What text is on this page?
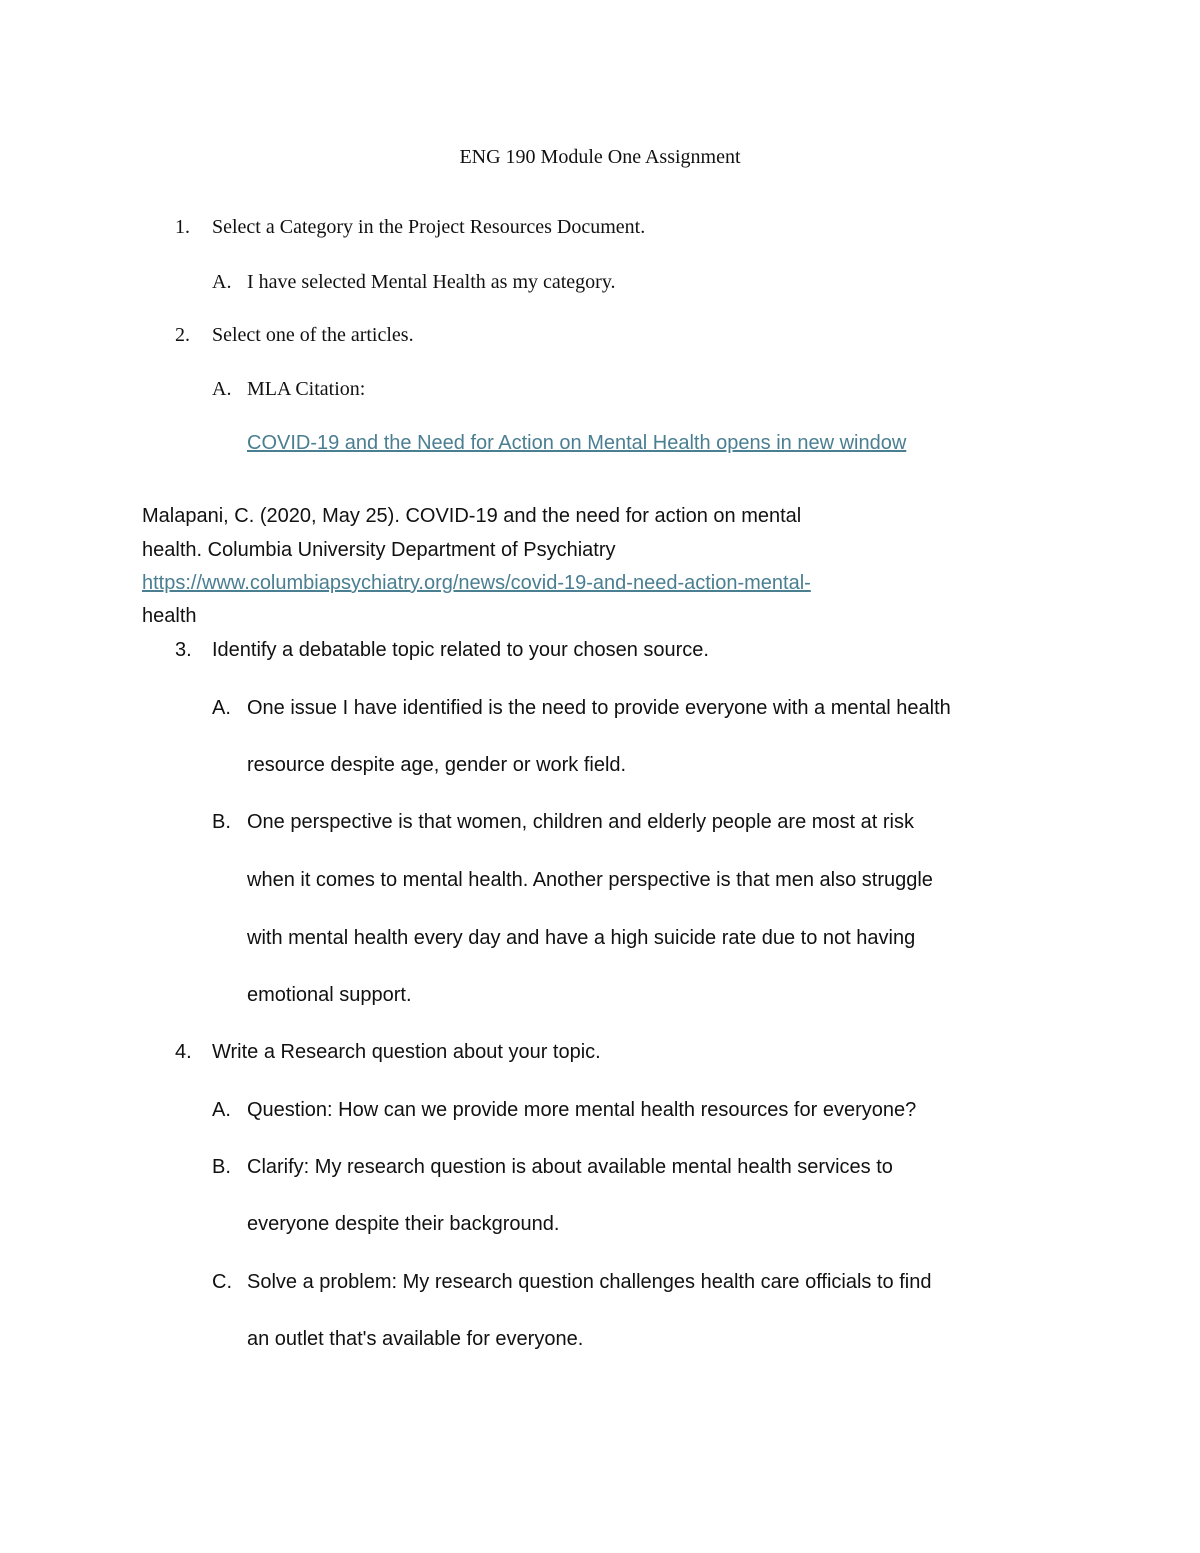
ENG 190 Module One Assignment
1. Select a Category in the Project Resources Document.
A. I have selected Mental Health as my category.
2. Select one of the articles.
A. MLA Citation:
COVID-19 and the Need for Action on Mental Health opens in new window
Malapani, C. (2020, May 25). COVID-19 and the need for action on mental
health. Columbia University Department of Psychiatry
https://www.columbiapsychiatry.org/news/covid-19-and-need-action-mental-
health
3. Identify a debatable topic related to your chosen source.
A. One issue I have identified is the need to provide everyone with a mental health
resource despite age, gender or work field.
B. One perspective is that women, children and elderly people are most at risk
when it comes to mental health. Another perspective is that men also struggle
with mental health every day and have a high suicide rate due to not having
emotional support.
4. Write a Research question about your topic.
A. Question: How can we provide more mental health resources for everyone?
B. Clarify: My research question is about available mental health services to
everyone despite their background.
C. Solve a problem: My research question challenges health care officials to find
an outlet that's available for everyone.
